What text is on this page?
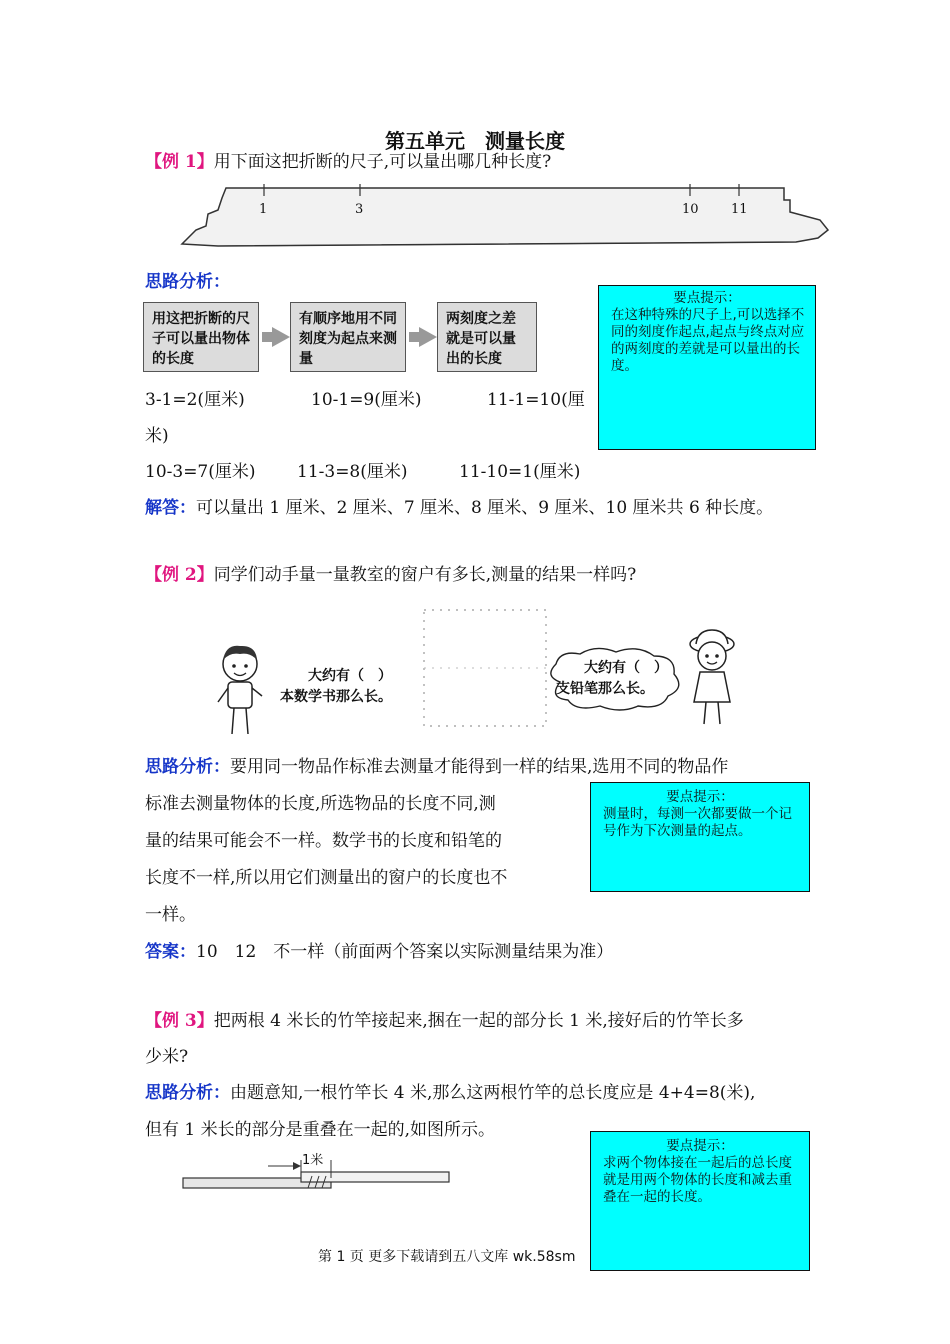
第五单元　测量长度
【例 1】用下面这把折断的尺子,可以量出哪几种长度?
1	3	10 11
思路分析：
用这把折断的尺子可以量出物体的长度
有顺序地用不同刻度为起点来测量
两刻度之差就是可以量出的长度
要点提示：
在这种特殊的尺子上,可以选择不同的刻度作起点,起点与终点对应的两刻度的差就是可以量出的长度。
3-1=2(厘米)	10-1=9(厘米)	11-1=10(厘
米)
10-3=7(厘米) 11-3=8(厘米)	11-10=1(厘米)
解答：可以量出 1 厘米、2 厘米、7 厘米、8 厘米、9 厘米、10 厘米共 6 种长度。
【例 2】同学们动手量一量教室的窗户有多长,测量的结果一样吗?
大约有（　）
本数学书那么长。
大约有（　）
支铅笔那么长。
思路分析：要用同一物品作标准去测量才能得到一样的结果,选用不同的物品作
标准去测量物体的长度,所选物品的长度不同,测
量的结果可能会不一样。数学书的长度和铅笔的
长度不一样,所以用它们测量出的窗户的长度也不
一样。
要点提示：
测量时，每测一次都要做一个记号作为下次测量的起点。
答案：10　12　不一样（前面两个答案以实际测量结果为准）
【例 3】把两根 4 米长的竹竿接起来,捆在一起的部分长 1 米,接好后的竹竿长多
少米?
思路分析：由题意知,一根竹竿长 4 米,那么这两根竹竿的总长度应是 4+4=8(米),
但有 1 米长的部分是重叠在一起的,如图所示。
1米
要点提示：
求两个物体接在一起后的总长度就是用两个物体的长度和减去重叠在一起的长度。
第 1 页 更多下载请到五八文库 wk.58sm
